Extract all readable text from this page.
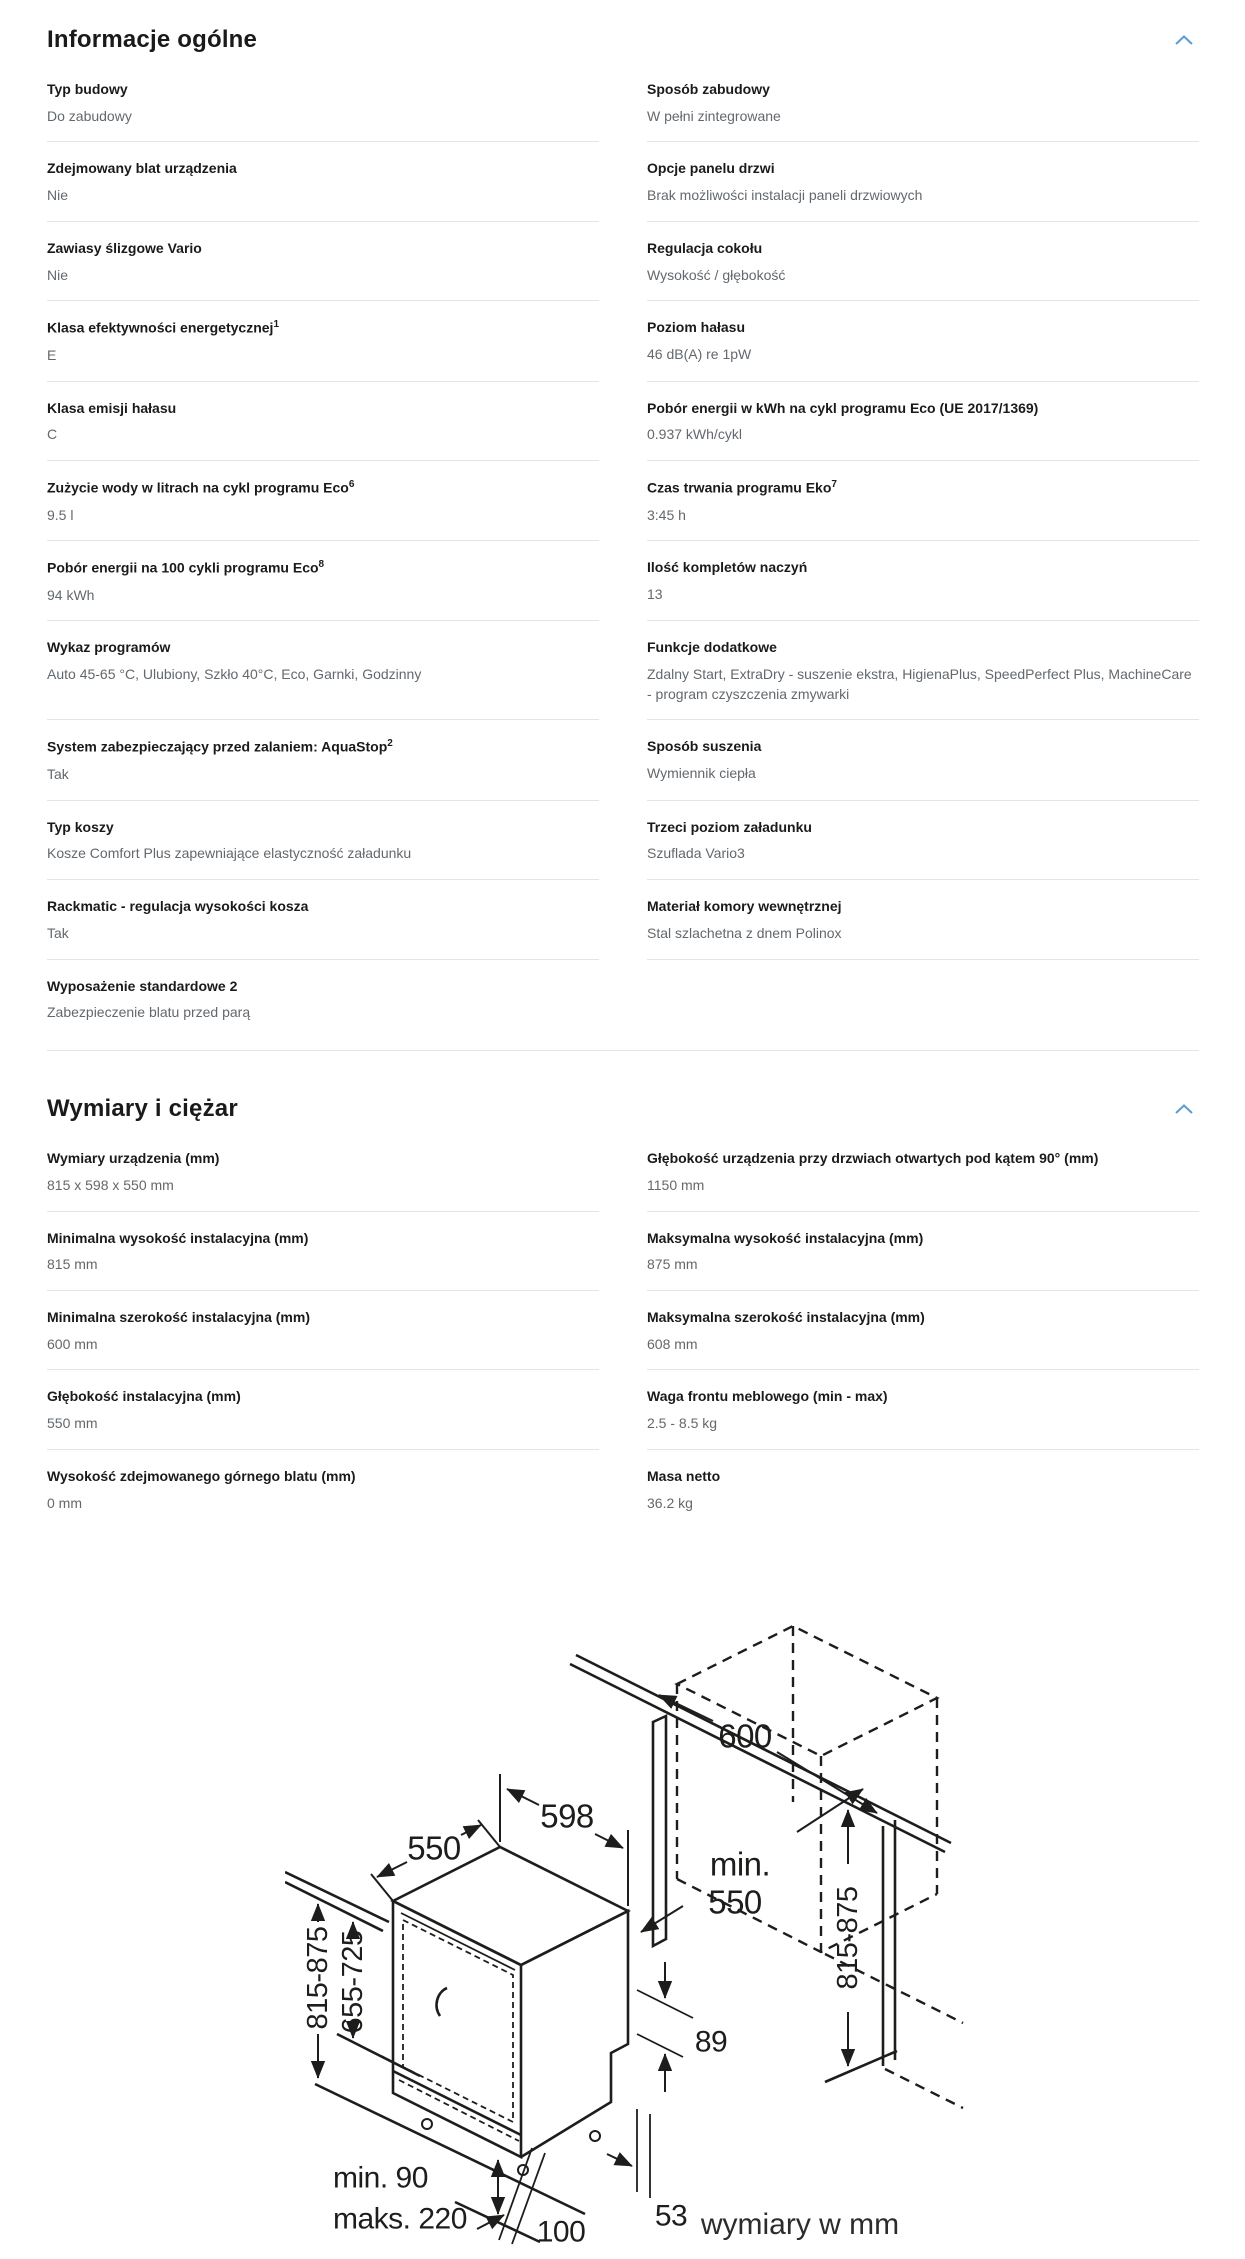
Informacje ogólne
Typ budowy
Do zabudowy
Sposób zabudowy
W pełni zintegrowane
Zdejmowany blat urządzenia
Nie
Opcje panelu drzwi
Brak możliwości instalacji paneli drzwiowych
Zawiasy ślizgowe Vario
Nie
Regulacja cokołu
Wysokość / głębokość
Klasa efektywności energetycznej$^1$
E
Poziom hałasu
46 dB(A) re 1pW
Klasa emisji hałasu
C
Pobór energii w kWh na cykl programu Eco (UE 2017/1369)
0.937 kWh/cykl
Zużycie wody w litrach na cykl programu Eco$^6$
9.5 l
Czas trwania programu Eko$^7$
3:45 h
Pobór energii na 100 cykli programu Eco$^8$
94 kWh
Ilość kompletów naczyń
13
Wykaz programów
Auto 45-65 °C, Ulubiony, Szkło 40°C, Eco, Garnki, Godzinny
Funkcje dodatkowe
Zdalny Start, ExtraDry - suszenie ekstra, HigienaPlus, SpeedPerfect Plus, MachineCare - program czyszczenia zmywarki
System zabezpieczający przed zalaniem: AquaStop$^2$
Tak
Sposób suszenia
Wymiennik ciepła
Typ koszy
Kosze Comfort Plus zapewniające elastyczność załadunku
Trzeci poziom załadunku
Szuflada Vario3
Rackmatic - regulacja wysokości kosza
Tak
Materiał komory wewnętrznej
Stal szlachetna z dnem Polinox
Wyposażenie standardowe 2
Zabezpieczenie blatu przed parą
Wymiary i ciężar
Wymiary urządzenia (mm)
815 x 598 x 550 mm
Głębokość urządzenia przy drzwiach otwartych pod kątem 90° (mm)
1150 mm
Minimalna wysokość instalacyjna (mm)
815 mm
Maksymalna wysokość instalacyjna (mm)
875 mm
Minimalna szerokość instalacyjna (mm)
600 mm
Maksymalna szerokość instalacyjna (mm)
608 mm
Głębokość instalacyjna (mm)
550 mm
Waga frontu meblowego (min - max)
2.5 - 8.5 kg
Wysokość zdejmowanego górnego blatu (mm)
0 mm
Masa netto
36.2 kg
550
598
600
min.
550 815-875
815-875 655-725
89
53
100
min. 90
maks. 220	wymiary w mm
